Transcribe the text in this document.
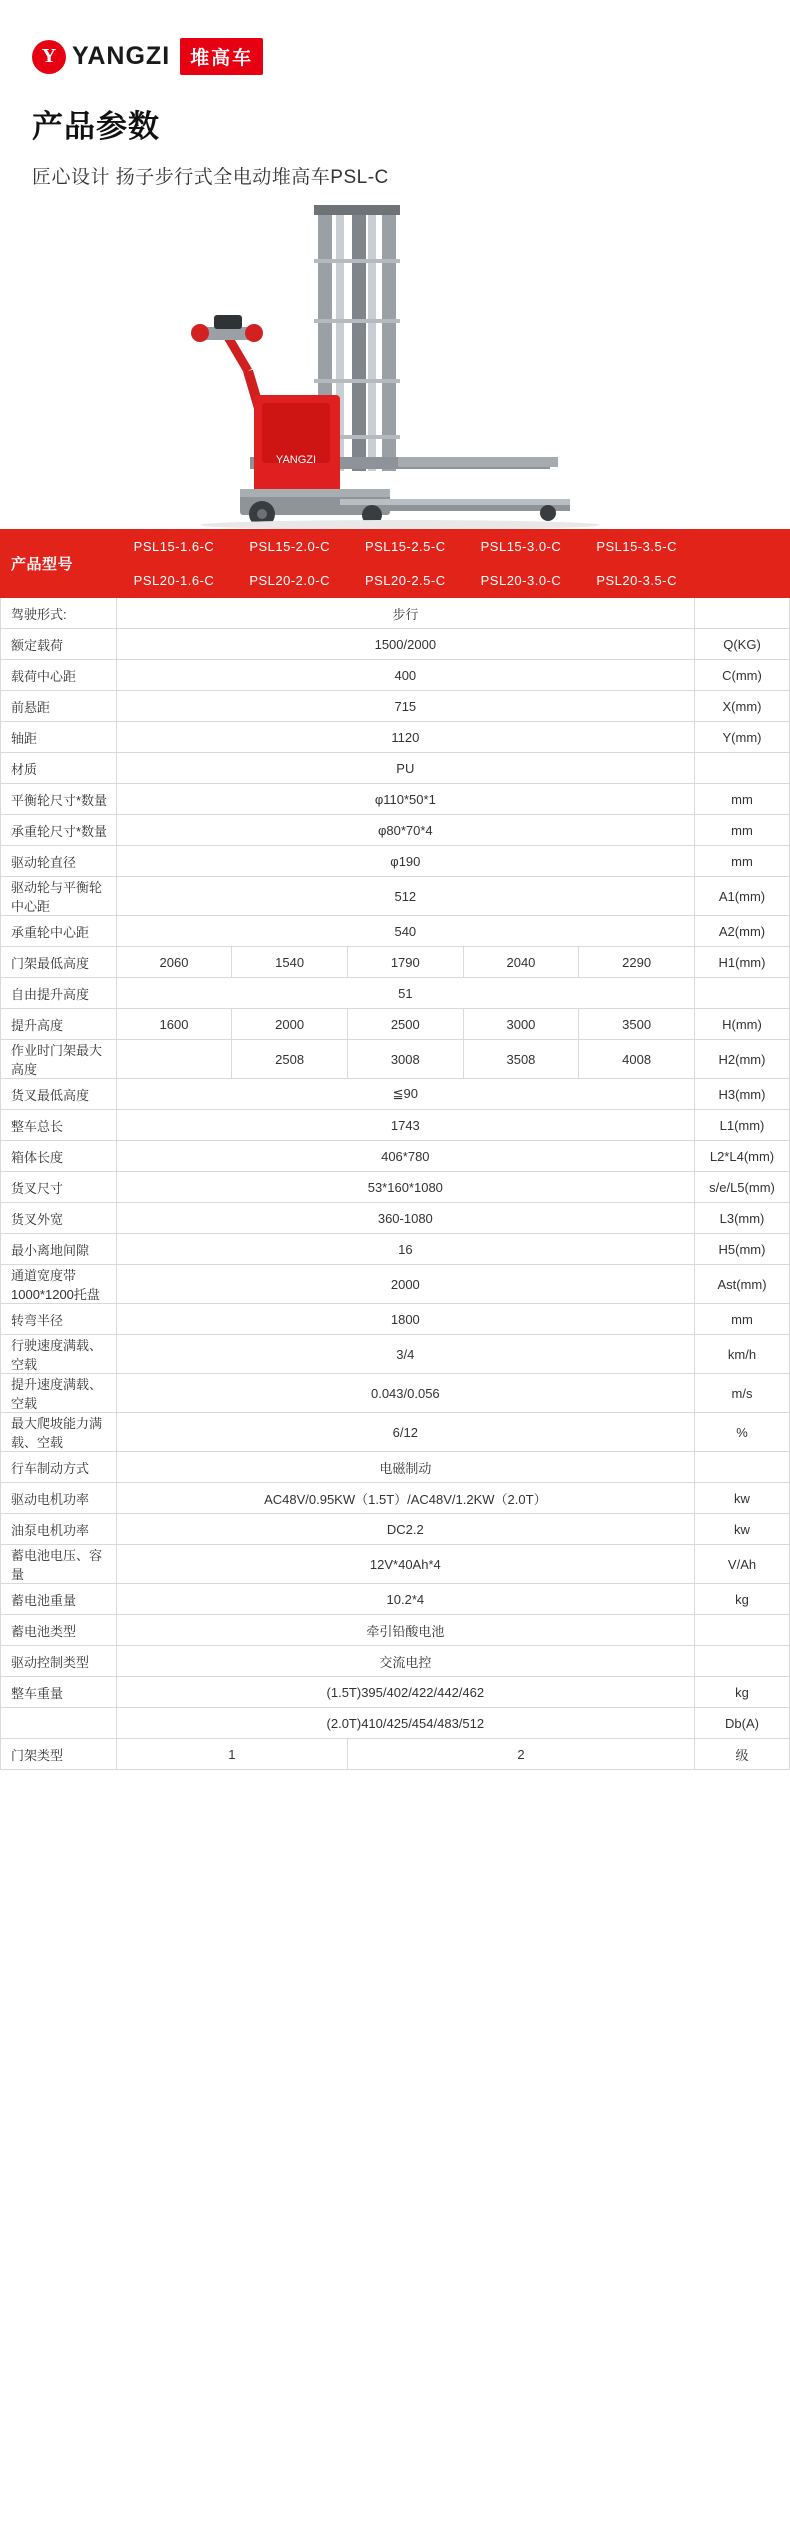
Y YANGZI	堆高车
产品参数

匠心设计 扬子步行式全电动堆高车PSL-C

YANGZI
产品型号	PSL15-1.6-C	PSL15-2.0-C	PSL15-2.5-C	PSL15-3.0-C	PSL15-3.5-C	
	PSL20-1.6-C	PSL20-2.0-C	PSL20-2.5-C	PSL20-3.0-C	PSL20-3.5-C	
驾驶形式:	步行					
额定载荷	1500/2000					Q(KG)
载荷中心距	400					C(mm)
前悬距	715					X(mm)
轴距	1120					Y(mm)
材质	PU					
平衡轮尺寸*数量	φ110*50*1					mm
承重轮尺寸*数量	φ80*70*4					mm
驱动轮直径	φ190					mm
驱动轮与平衡轮中心距	512					A1(mm)
承重轮中心距	540					A2(mm)
门架最低高度	2060	1540	1790	2040	2290	H1(mm)
自由提升高度	51					
提升高度	1600	2000	2500	3000	3500	H(mm)
作业时门架最大高度		2508	3008	3508	4008	H2(mm)
货叉最低高度	≦90					H3(mm)
整车总长	1743					L1(mm)
箱体长度	406*780					L2*L4(mm)
货叉尺寸	53*160*1080					s/e/L5(mm)
货叉外宽	360-1080					L3(mm)
最小离地间隙	16					H5(mm)
通道宽度带1000*1200托盘	2000					Ast(mm)
转弯半径	1800					mm
行驶速度满载、空载	3/4					km/h
提升速度满载、空载	0.043/0.056					m/s
最大爬坡能力满载、空载	6/12					%
行车制动方式	电磁制动					
驱动电机功率	AC48V/0.95KW（1.5T）/AC48V/1.2KW（2.0T）					kw
油泵电机功率	DC2.2					kw
蓄电池电压、容量	12V*40Ah*4					V/Ah
蓄电池重量	10.2*4					kg
蓄电池类型	牵引铅酸电池					
驱动控制类型	交流电控					
整车重量	(1.5T)395/402/422/442/462					kg
	(2.0T)410/425/454/483/512					Db(A)
门架类型	1		2			级
